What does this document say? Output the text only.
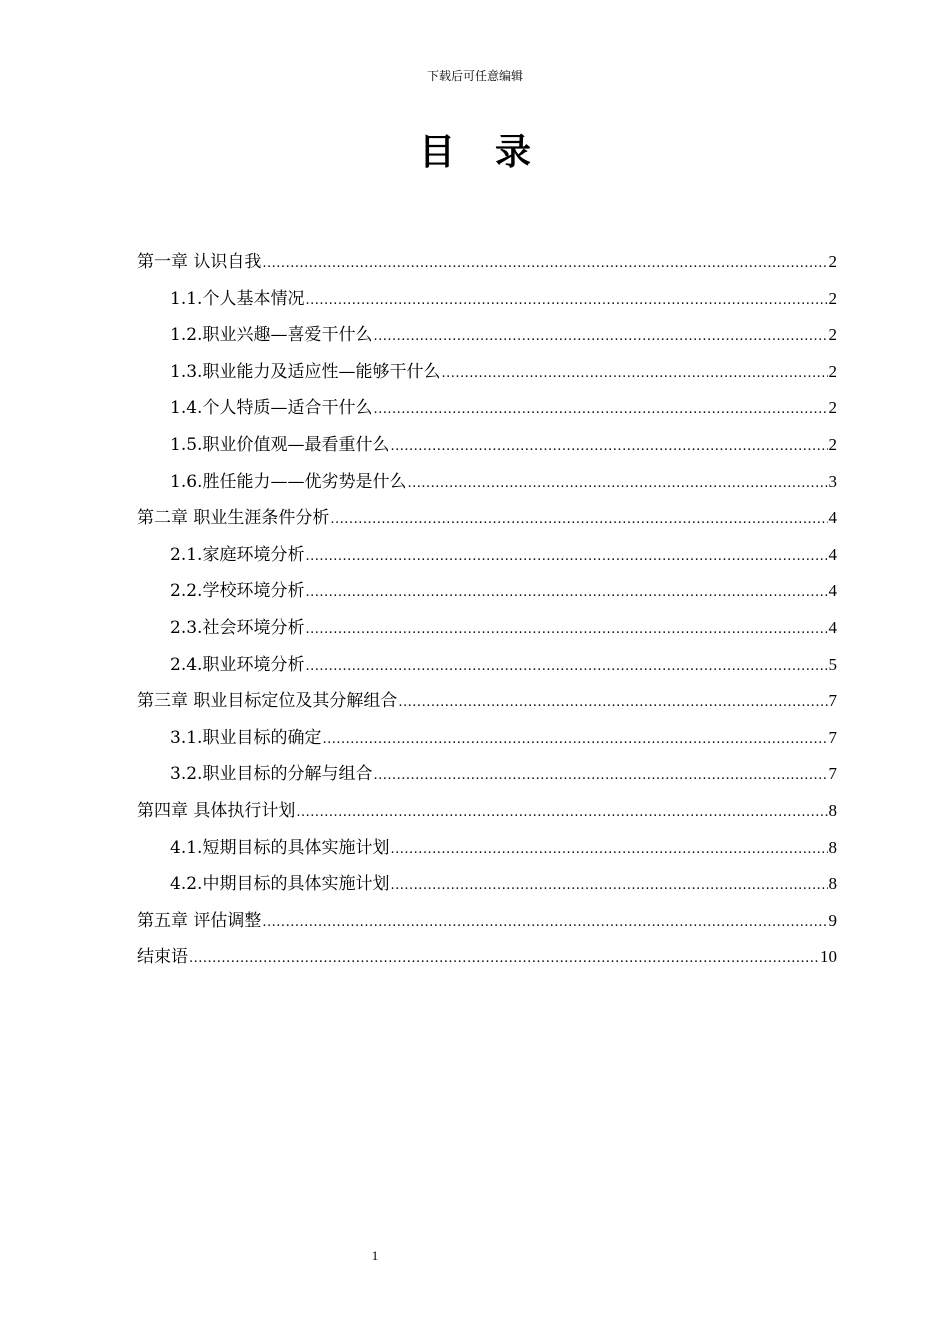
下载后可任意编辑
目 录
第一章 认识自我 .....	2
1.1.个人基本情况 .....	2
1.2.职业兴趣—喜爱干什么 .....	2
1.3.职业能力及适应性—能够干什么 .....	2
1.4.个人特质—适合干什么 .....	2
1.5.职业价值观—最看重什么 .....	2
1.6.胜任能力——优劣势是什么 .....	3
第二章 职业生涯条件分析 .....	4
2.1.家庭环境分析 .....	4
2.2.学校环境分析 .....	4
2.3.社会环境分析 .....	4
2.4.职业环境分析 .....	5
第三章 职业目标定位及其分解组合 .....	7
3.1.职业目标的确定 .....	7
3.2.职业目标的分解与组合 .....	7
第四章 具体执行计划 .....	8
4.1.短期目标的具体实施计划 .....	8
4.2.中期目标的具体实施计划 .....	8
第五章 评估调整 .....	9
结束语 .....	10
1
